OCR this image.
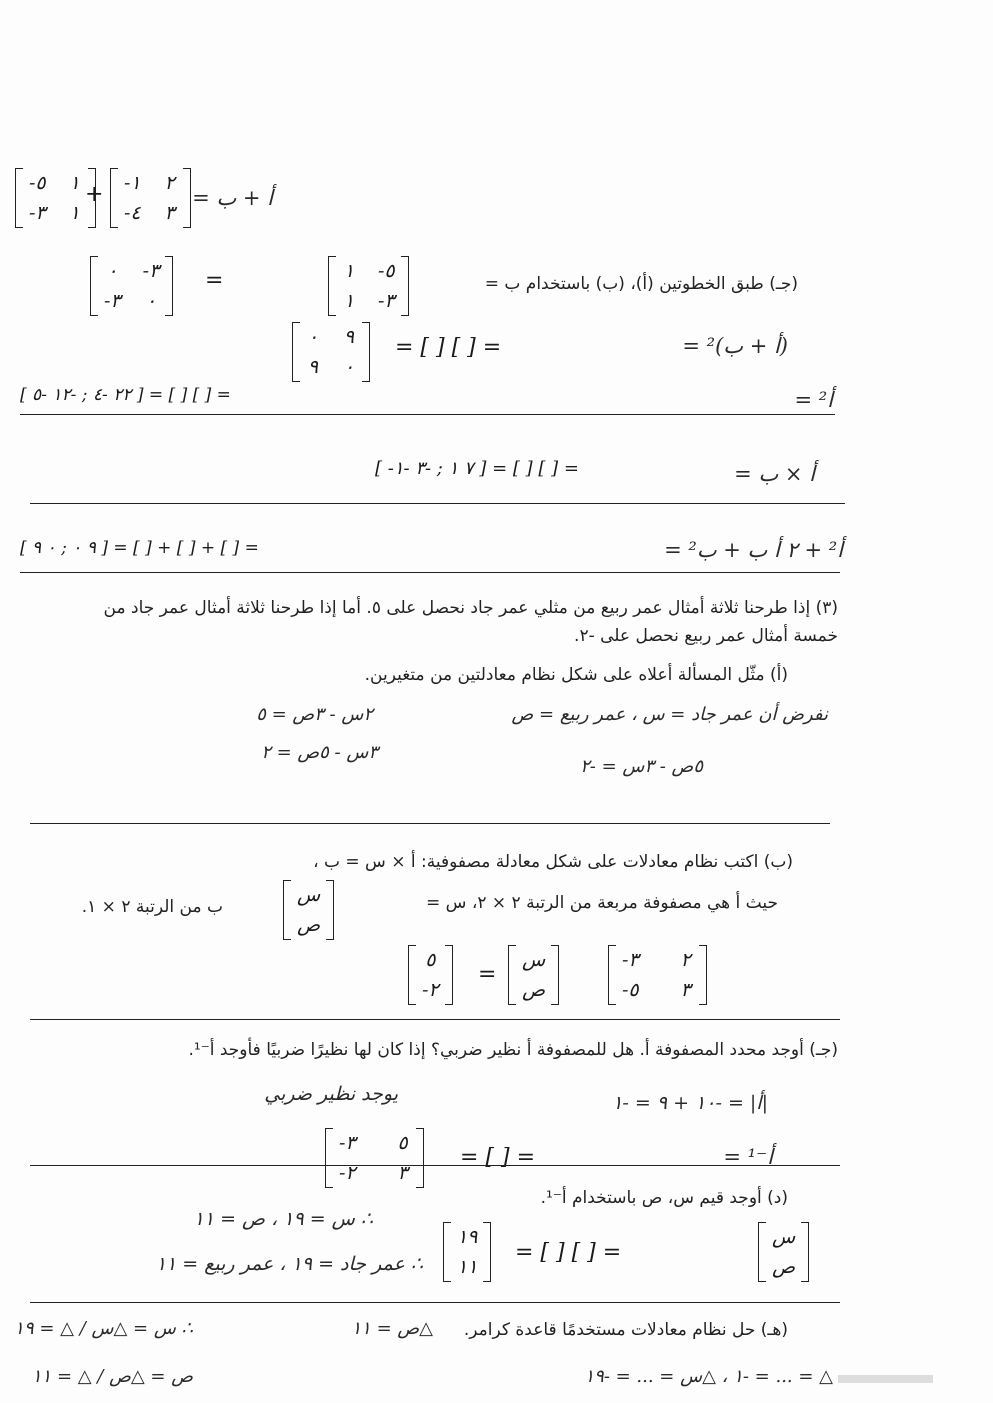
-٥ ١
-٣ ١
+ -١ ٢
-٤ ٣
أ + ب =
٠ -٣
-٣ ٠
=	١ -٥
١ -٣
(جـ) طبق الخطوتين (أ)، (ب) باستخدام ب =
٠ ٩
٩ ٠
= [ ] [ ] =	(أ + ب)² =
[ ٢٢ -٤ ; -١٢ -٥ ] = [ ] [ ] =	أ² =
[ -٧ ١ ; -٣ -١ ] = [ ] [ ] =	أ × ب =
[ ٩ ٠ ; ٠ ٩ ] = [ ] + [ ] + [ ] =	أ² + ٢ أ ب + ب² =
(٣) إذا طرحنا ثلاثة أمثال عمر ربيع من مثلي عمر جاد نحصل على ٥. أما إذا طرحنا ثلاثة أمثال عمر جاد من
خمسة أمثال عمر ربيع نحصل على -٢.
(أ) مثّل المسألة أعلاه على شكل نظام معادلتين من متغيرين.
نفرض أن عمر جاد = س ، عمر ربيع = ص
٢س - ٣ص = ٥
٣س - ٥ص = ٢
٥ص - ٣س = -٢
(ب) اكتب نظام معادلات على شكل معادلة مصفوفية: أ × س = ب ،
حيث أ هي مصفوفة مربعة من الرتبة ٢ × ٢، س =
س
ص
ب من الرتبة ٢ × ١.
٥
-٢
=
س
ص
-٣ ٢
-٥ ٣
(جـ) أوجد محدد المصفوفة أ. هل للمصفوفة أ نظير ضربي؟ إذا كان لها نظيرًا ضربيًا فأوجد أ⁻¹.
|أ| = -١٠ + ٩ = -١
يوجد نظير ضربي
-٣ ٥
-٢ ٣
= [ ] =	أ⁻¹ =
(د) أوجد قيم س، ص باستخدام أ⁻¹.
∴ س = ١٩ ، ص = ١١
∴ عمر جاد = ١٩ ، عمر ربيع = ١١
١٩
١١
= [ ] [ ] =
س
ص
(هـ) حل نظام معادلات مستخدمًا قاعدة كرامر.
△ص = ١١
∴ س = △س / △ = ١٩
△ = ... = -١ ، △س = ... = -١٩
ص = △ص / △ = ١١
